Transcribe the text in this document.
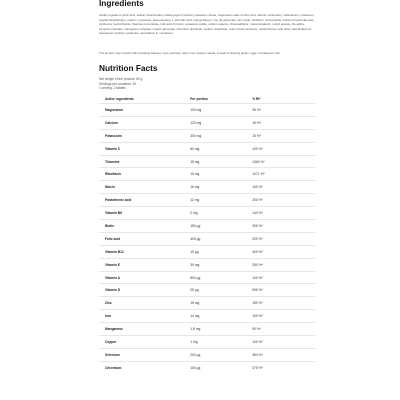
Ingredients

Acidity regulators (citric acid, sodium bicarbonate), bulking agent (sorbitol, potassium citrate, magnesium salts of citric acid, calcium carbonate), maltodextrin, potassium, polydimethylsiloxane, sodium, cyclamate, beta-carotene, L-ascorbic acid, orange flavour, iron (II) gluconate, zinc oxide, riboflavin, nicotinamide, calcium D-pantothenate, pyridoxine hydrochloride, thiamine mononitrate, folic acid, D-biotin, potassium iodide, sodium selenite, cholecalciferol, cyanocobalamin, retinyl acetate, DL-alpha-tocopheryl acetate, manganese sulphate, copper gluconate, chromium picolinate, sodium molybdate, colour (beta-carotene), natural flavour with other natural flavours, sweeteners (sodium cyclamate, acesulfame K, sucralose).

The product may contain milk (including lactose), soya, peanuts, other nuts, sesame seeds, cereals containing gluten, eggs, crustaceans, fish.

Nutrition Facts
Net weight of the product: 80 g
Servings per container: 20
1 serving: 2 tablets
Active ingredients	Per portion	% RI*
Magnesium	100 mg	26 %*
Calcium	120 mg	15 %*
Potassium	300 mg	15 %*
Vitamin C	80 mg	100 %*
Thiamine	15 mg	1364 %*
Riboflavin	15 mg	1071 %*
Niacin	16 mg	100 %*
Pantothenic acid	12 mg	200 %*
Vitamin B6	2 mg	143 %*
Biotin	150 μg	300 %*
Folic acid	400 μg	200 %*
Vitamin B12	10 μg	400 %*
Vitamin E	30 mg	250 %*
Vitamin A	800 μg	100 %*
Vitamin D	25 μg	500 %*
Zinc	15 mg	150 %*
Iron	14 mg	100 %*
Manganese	1.8 mg	90 %*
Copper	1 mg	100 %*
Selenium	200 μg	364 %*
Chromium	150 μg	375 %*
